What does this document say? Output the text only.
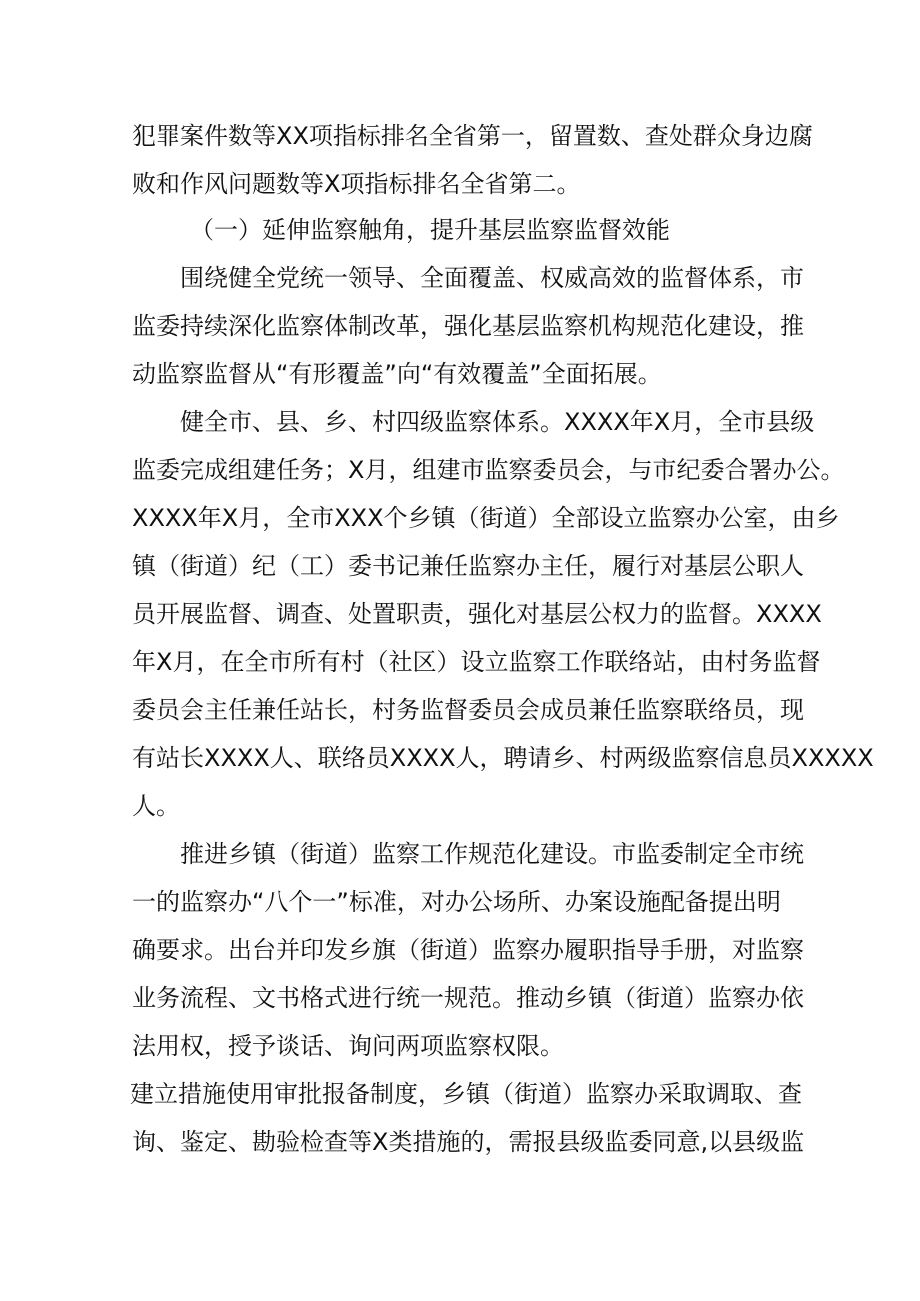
犯罪案件数等XX项指标排名全省第一，留置数、查处群众身边腐
败和作风问题数等X项指标排名全省第二。
（一）延伸监察触角，提升基层监察监督效能
围绕健全党统一领导、全面覆盖、权威高效的监督体系，市
监委持续深化监察体制改革，强化基层监察机构规范化建设，推
动监察监督从“有形覆盖”向“有效覆盖”全面拓展。
健全市、县、乡、村四级监察体系。XXXX年X月，全市县级
监委完成组建任务；X月，组建市监察委员会，与市纪委合署办公。
XXXX年X月，全市XXX个乡镇（街道）全部设立监察办公室，由乡
镇（街道）纪（工）委书记兼任监察办主任，履行对基层公职人
员开展监督、调查、处置职责，强化对基层公权力的监督。XXXX
年X月，在全市所有村（社区）设立监察工作联络站，由村务监督
委员会主任兼任站长，村务监督委员会成员兼任监察联络员，现
有站长XXXX人、联络员XXXX人，聘请乡、村两级监察信息员XXXXX
人。
推进乡镇（街道）监察工作规范化建设。市监委制定全市统
一的监察办“八个一”标准，对办公场所、办案设施配备提出明
确要求。出台并印发乡旗（街道）监察办履职指导手册，对监察
业务流程、文书格式进行统一规范。推动乡镇（街道）监察办依
法用权，授予谈话、询问两项监察权限。
建立措施使用审批报备制度，乡镇（街道）监察办采取调取、查
询、鉴定、勘验检查等X类措施的，需报县级监委同意,以县级监
